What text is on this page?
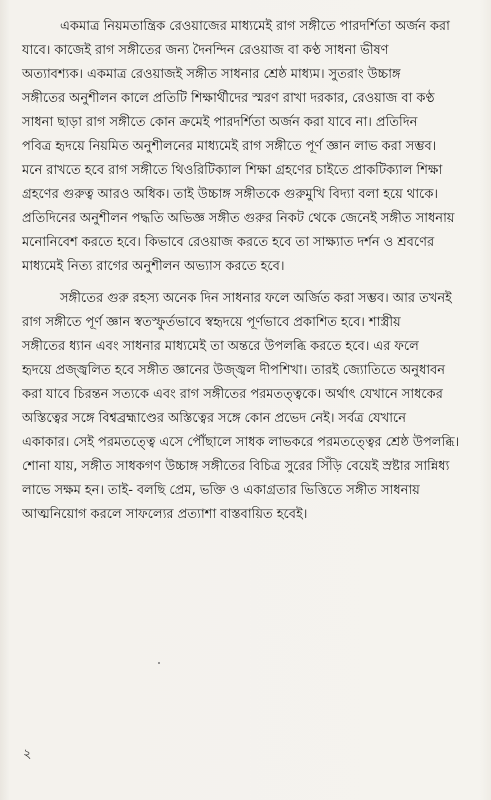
একমাত্র নিয়মতান্ত্রিক রেওয়াজের মাধ্যমেই রাগ সঙ্গীতে পারদর্শিতা অর্জন করা
যাবে। কাজেই রাগ সঙ্গীতের জন্য দৈনন্দিন রেওয়াজ বা কণ্ঠ সাধনা ভীষণ
অত্যাবশ্যক। একমাত্র রেওয়াজই সঙ্গীত সাধনার শ্রেষ্ঠ মাধ্যম। সুতরাং উচ্চাঙ্গ
সঙ্গীতের অনুশীলন কালে প্রতিটি শিক্ষার্থীদের স্মরণ রাখা দরকার, রেওয়াজ বা কণ্ঠ
সাধনা ছাড়া রাগ সঙ্গীতে কোন ক্রমেই পারদর্শিতা অর্জন করা যাবে না। প্রতিদিন
পবিত্র হৃদয়ে নিয়মিত অনুশীলনের মাধ্যমেই রাগ সঙ্গীতে পূর্ণ জ্ঞান লাভ করা সম্ভব।
মনে রাখতে হবে রাগ সঙ্গীতে থিওরিটিক্যাল শিক্ষা গ্রহণের চাইতে প্রাকটিক্যাল শিক্ষা
গ্রহণের গুরুত্ব আরও অধিক। তাই উচ্চাঙ্গ সঙ্গীতকে গুরুমুখি বিদ্যা বলা হয়ে থাকে।
প্রতিদিনের অনুশীলন পদ্ধতি অভিজ্ঞ সঙ্গীত গুরুর নিকট থেকে জেনেই সঙ্গীত সাধনায়
মনোনিবেশ করতে হবে। কিভাবে রেওয়াজ করতে হবে তা সাক্ষ্যাত দর্শন ও শ্রবণের
মাধ্যমেই নিত্য রাগের অনুশীলন অভ্যাস করতে হবে।
সঙ্গীতের গুরু রহস্য অনেক দিন সাধনার ফলে অর্জিত করা সম্ভব। আর তখনই
রাগ সঙ্গীতে পূর্ণ জ্ঞান স্বতস্ফুর্তভাবে স্বহৃদয়ে পূর্ণভাবে প্রকাশিত হবে। শাস্ত্রীয়
সঙ্গীতের ধ্যান এবং সাধনার মাধ্যমেই তা অন্তরে উপলব্ধি করতে হবে। এর ফলে
হৃদয়ে প্রজ্জ্বলিত হবে সঙ্গীত জ্ঞানের উজ্জ্বল দীপশিখা। তারই জ্যোতিতে অনুধাবন
করা যাবে চিরন্তন সত্যকে এবং রাগ সঙ্গীতের পরমতত্ত্বকে। অর্থাৎ যেখানে সাধকের
অস্তিত্বের সঙ্গে বিশ্বব্রহ্মাণ্ডের অস্তিত্বের সঙ্গে কোন প্রভেদ নেই। সর্বত্র যেখানে
একাকার। সেই পরমতত্ত্বে এসে পৌঁছালে সাধক লাভকরে পরমতত্ত্বের শ্রেষ্ঠ উপলব্ধি।
শোনা যায়, সঙ্গীত সাধকগণ উচ্চাঙ্গ সঙ্গীতের বিচিত্র সুরের সিঁড়ি বেয়েই স্রষ্টার সান্নিধ্য
লাভে সক্ষম হন। তাই- বলছি প্রেম, ভক্তি ও একাগ্রতার ভিত্তিতে সঙ্গীত সাধনায়
আত্মনিয়োগ করলে সাফল্যের প্রত্যাশা বাস্তবায়িত হবেই।
২
